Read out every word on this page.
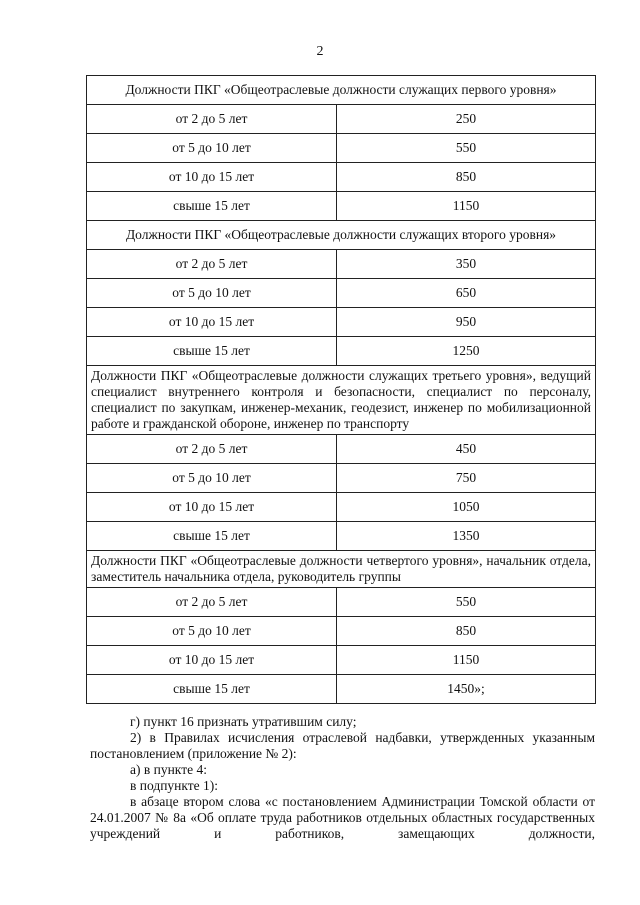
2
Должности ПКГ «Общеотраслевые должности служащих первого уровня»	
от 2 до 5 лет	250
от 5 до 10 лет	550
от 10 до 15 лет	850
свыше 15 лет	1150
Должности ПКГ «Общеотраслевые должности служащих второго уровня»	
от 2 до 5 лет	350
от 5 до 10 лет	650
от 10 до 15 лет	950
свыше 15 лет	1250
Должности ПКГ «Общеотраслевые должности служащих третьего уровня», ведущий специалист внутреннего контроля и безопасности, специалист по персоналу, специалист по закупкам, инженер-механик, геодезист, инженер по мобилизационной работе и гражданской обороне, инженер по транспорту	
от 2 до 5 лет	450
от 5 до 10 лет	750
от 10 до 15 лет	1050
свыше 15 лет	1350
Должности ПКГ «Общеотраслевые должности четвертого уровня», начальник отдела, заместитель начальника отдела, руководитель группы	
от 2 до 5 лет	550
от 5 до 10 лет	850
от 10 до 15 лет	1150
свыше 15 лет	1450»;

г) пункт 16 признать утратившим силу;

2) в Правилах исчисления отраслевой надбавки, утвержденных указанным постановлением (приложение № 2):

а) в пункте 4:

в подпункте 1):

в абзаце втором слова «с постановлением Администрации Томской области от 24.01.2007 № 8а «Об оплате труда работников отдельных областных государственных учреждений и работников, замещающих должности,
